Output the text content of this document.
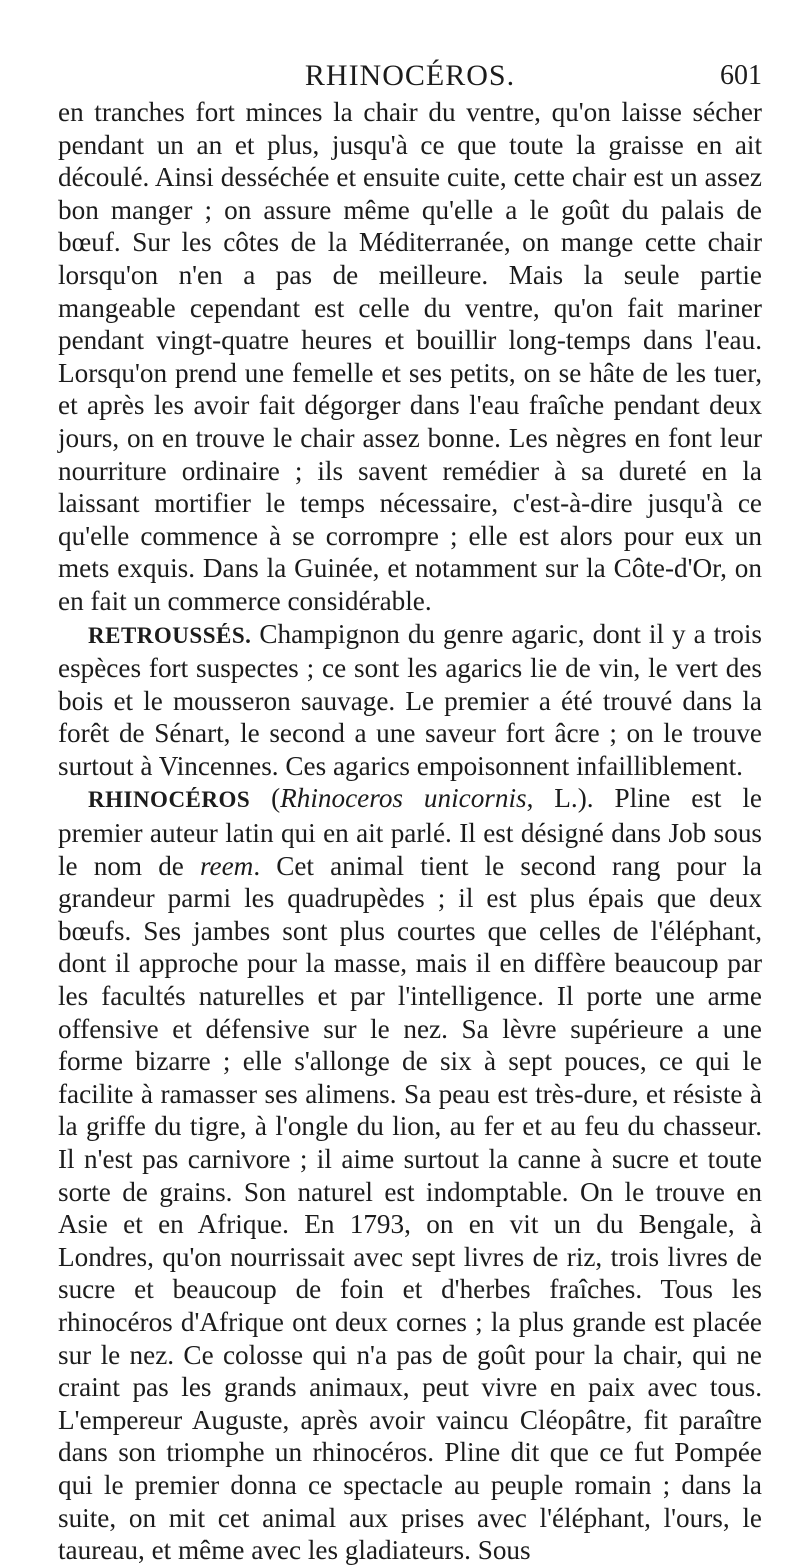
RHINOCÉROS.	601

en tranches fort minces la chair du ventre, qu'on laisse sécher pendant un an et plus, jusqu'à ce que toute la graisse en ait découlé. Ainsi desséchée et ensuite cuite, cette chair est un assez bon manger ; on assure même qu'elle a le goût du palais de bœuf. Sur les côtes de la Méditerranée, on mange cette chair lorsqu'on n'en a pas de meilleure. Mais la seule partie mangeable cependant est celle du ventre, qu'on fait mariner pendant vingt-quatre heures et bouillir long-temps dans l'eau. Lorsqu'on prend une femelle et ses petits, on se hâte de les tuer, et après les avoir fait dégorger dans l'eau fraîche pendant deux jours, on en trouve le chair assez bonne. Les nègres en font leur nourriture ordinaire ; ils savent remédier à sa dureté en la laissant mortifier le temps nécessaire, c'est-à-dire jusqu'à ce qu'elle commence à se corrompre ; elle est alors pour eux un mets exquis. Dans la Guinée, et notamment sur la Côte-d'Or, on en fait un commerce considérable.

RETROUSSÉS. Champignon du genre agaric, dont il y a trois espèces fort suspectes ; ce sont les agarics lie de vin, le vert des bois et le mousseron sauvage. Le premier a été trouvé dans la forêt de Sénart, le second a une saveur fort âcre ; on le trouve surtout à Vincennes. Ces agarics empoisonnent infailliblement.

RHINOCÉROS (Rhinoceros unicornis, L.). Pline est le premier auteur latin qui en ait parlé. Il est désigné dans Job sous le nom de reem. Cet animal tient le second rang pour la grandeur parmi les quadrupèdes ; il est plus épais que deux bœufs. Ses jambes sont plus courtes que celles de l'éléphant, dont il approche pour la masse, mais il en diffère beaucoup par les facultés naturelles et par l'intelligence. Il porte une arme offensive et défensive sur le nez. Sa lèvre supérieure a une forme bizarre ; elle s'allonge de six à sept pouces, ce qui le facilite à ramasser ses alimens. Sa peau est très-dure, et résiste à la griffe du tigre, à l'ongle du lion, au fer et au feu du chasseur. Il n'est pas carnivore ; il aime surtout la canne à sucre et toute sorte de grains. Son naturel est indomptable. On le trouve en Asie et en Afrique. En 1793, on en vit un du Bengale, à Londres, qu'on nourrissait avec sept livres de riz, trois livres de sucre et beaucoup de foin et d'herbes fraîches. Tous les rhinocéros d'Afrique ont deux cornes ; la plus grande est placée sur le nez. Ce colosse qui n'a pas de goût pour la chair, qui ne craint pas les grands animaux, peut vivre en paix avec tous. L'empereur Auguste, après avoir vaincu Cléopâtre, fit paraître dans son triomphe un rhinocéros. Pline dit que ce fut Pompée qui le premier donna ce spectacle au peuple romain ; dans la suite, on mit cet animal aux prises avec l'éléphant, l'ours, le taureau, et même avec les gladiateurs. Sous
